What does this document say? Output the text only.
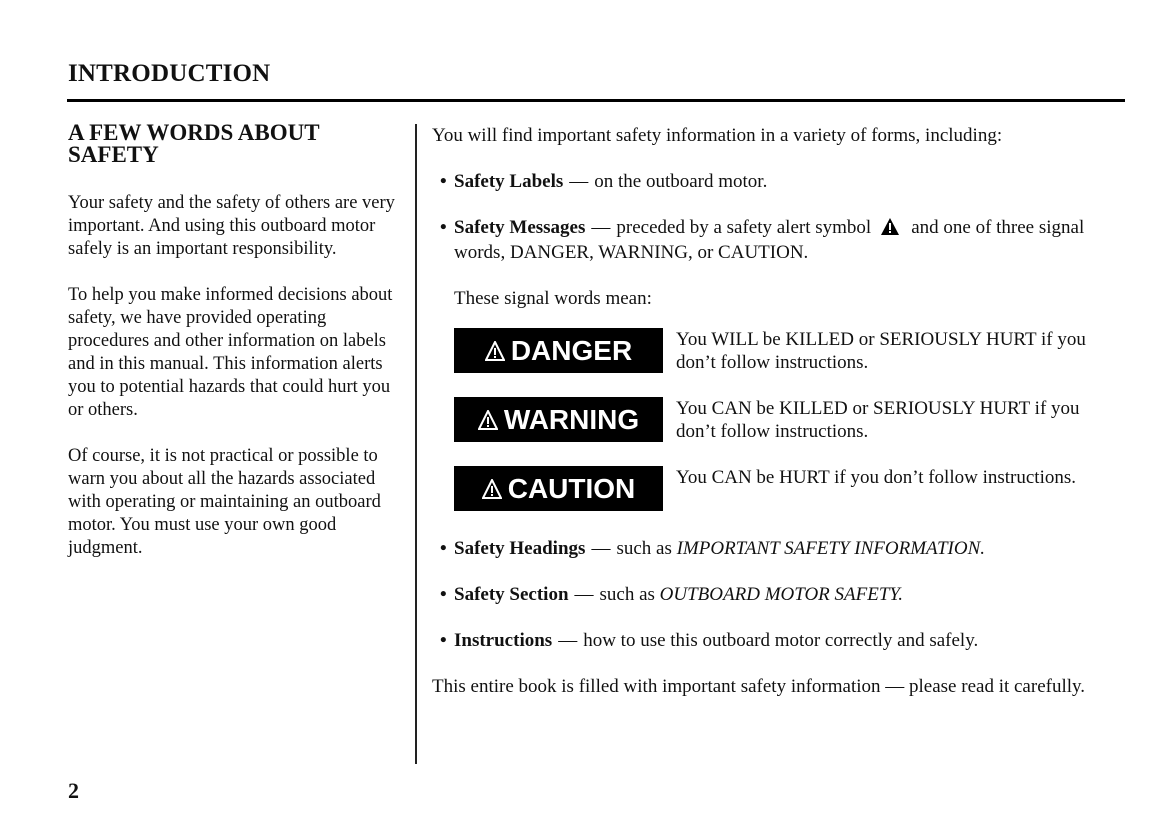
INTRODUCTION
A FEW WORDS ABOUT
SAFETY

Your safety and the safety of others are very important. And using this outboard motor safely is an important responsibility.

To help you make informed decisions about safety, we have provided operating procedures and other information on labels and in this manual. This information alerts you to potential hazards that could hurt you or others.

Of course, it is not practical or possible to warn you about all the hazards associated with operating or maintaining an outboard motor. You must use your own good judgment.

You will find important safety information in a variety of forms, including:

• Safety Labels — on the outboard motor.
• Safety Messages — preceded by a safety alert symbol and one of three signal words, DANGER, WARNING, or CAUTION.

These signal words mean:

DANGER You WILL be KILLED or SERIOUSLY HURT if you don’t follow instructions.
WARNING You CAN be KILLED or SERIOUSLY HURT if you don’t follow instructions.
CAUTION You CAN be HURT if you don’t follow instructions.
• Safety Headings — such as IMPORTANT SAFETY INFORMATION.
• Safety Section — such as OUTBOARD MOTOR SAFETY.
• Instructions — how to use this outboard motor correctly and safely.
This entire book is filled with important safety information — please read it carefully.
2
